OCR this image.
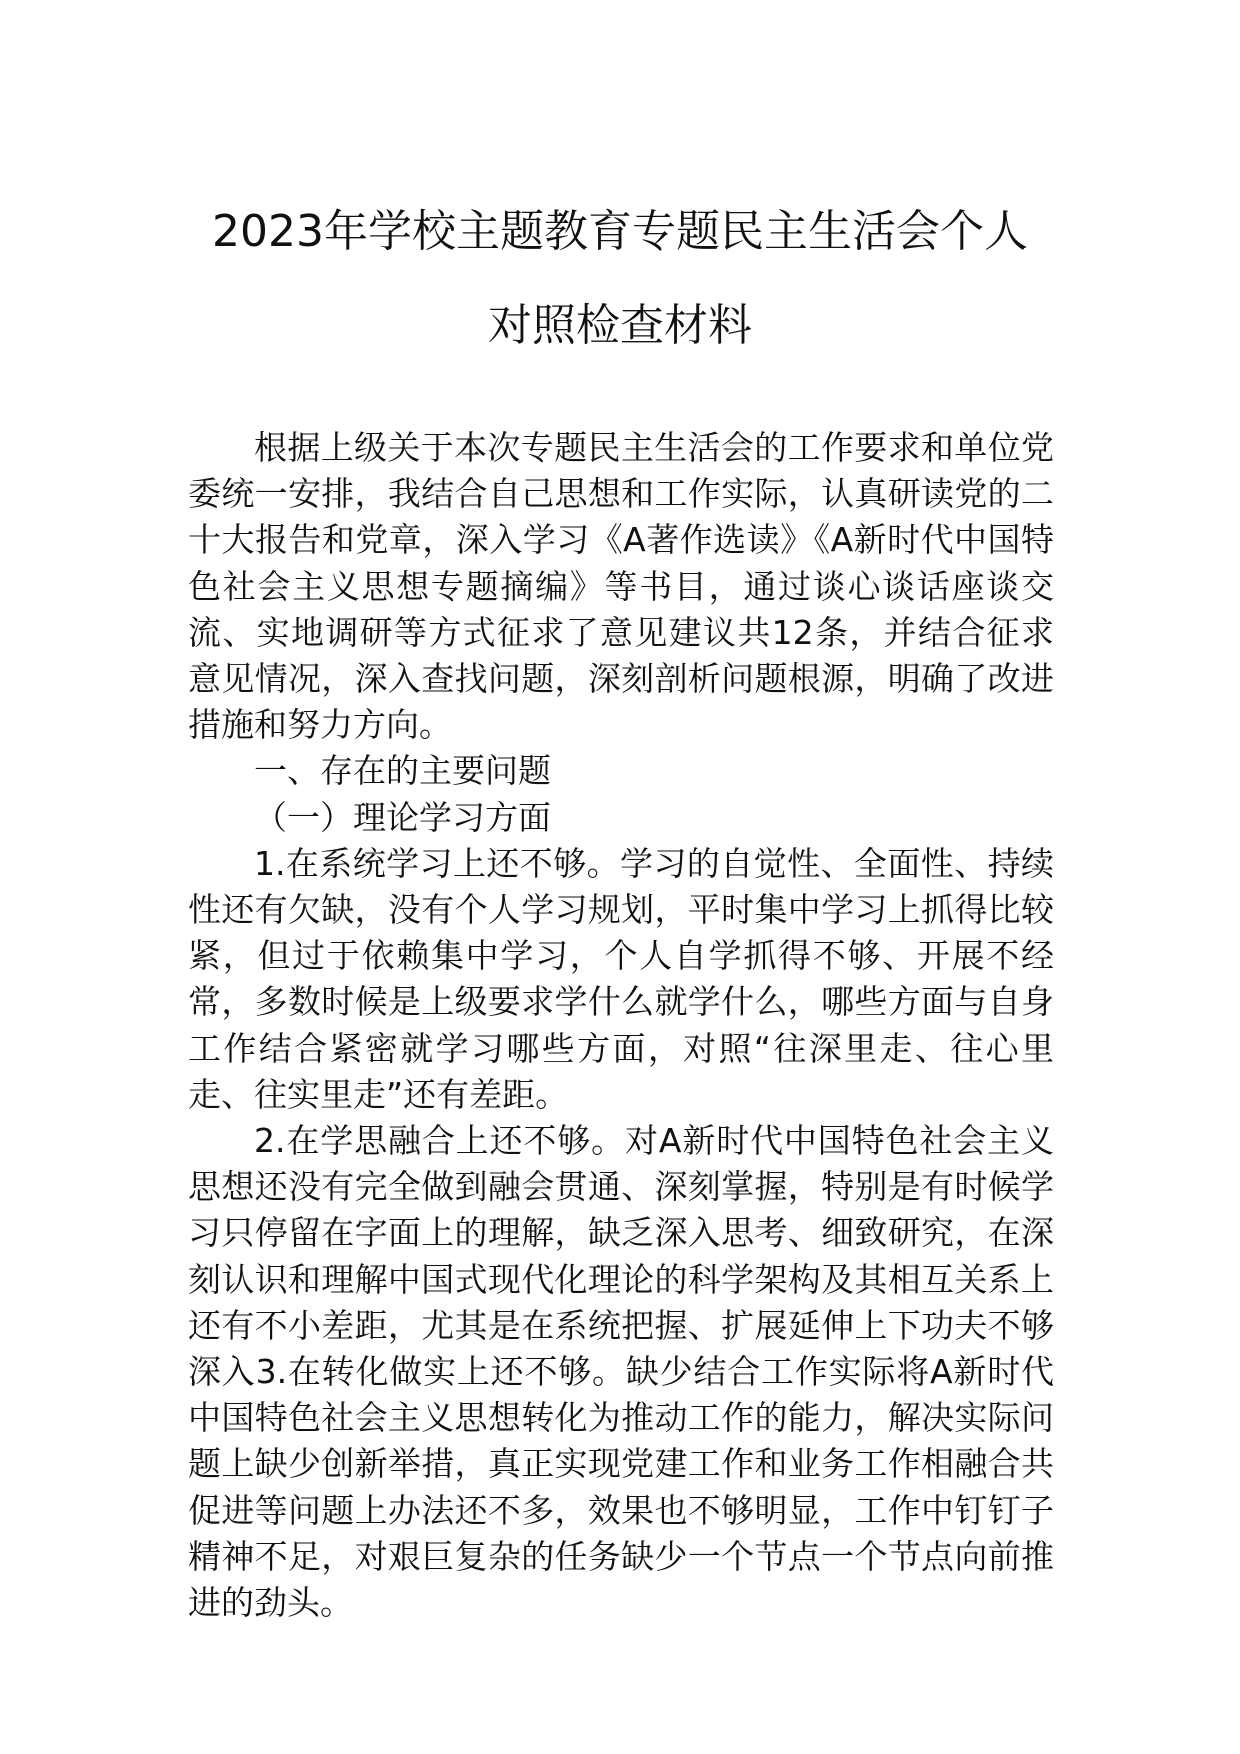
2023年学校主题教育专题民主生活会个人
对照检查材料

根据上级关于本次专题民主生活会的工作要求和单位党委统一安排，我结合自己思想和工作实际，认真研读党的二十大报告和党章，深入学习《A著作选读》《A新时代中国特色社会主义思想专题摘编》等书目，通过谈心谈话座谈交流、实地调研等方式征求了意见建议共12条，并结合征求意见情况，深入查找问题，深刻剖析问题根源，明确了改进措施和努力方向。

一、存在的主要问题

（一）理论学习方面

1.在系统学习上还不够。学习的自觉性、全面性、持续性还有欠缺，没有个人学习规划，平时集中学习上抓得比较紧，但过于依赖集中学习，个人自学抓得不够、开展不经常，多数时候是上级要求学什么就学什么，哪些方面与自身工作结合紧密就学习哪些方面，对照“往深里走、往心里走、往实里走”还有差距。

2.在学思融合上还不够。对A新时代中国特色社会主义思想还没有完全做到融会贯通、深刻掌握，特别是有时候学习只停留在字面上的理解，缺乏深入思考、细致研究，在深刻认识和理解中国式现代化理论的科学架构及其相互关系上还有不小差距，尤其是在系统把握、扩展延伸上下功夫不够深入3.在转化做实上还不够。缺少结合工作实际将A新时代中国特色社会主义思想转化为推动工作的能力，解决实际问题上缺少创新举措，真正实现党建工作和业务工作相融合共促进等问题上办法还不多，效果也不够明显，工作中钉钉子精神不足，对艰巨复杂的任务缺少一个节点一个节点向前推进的劲头。
